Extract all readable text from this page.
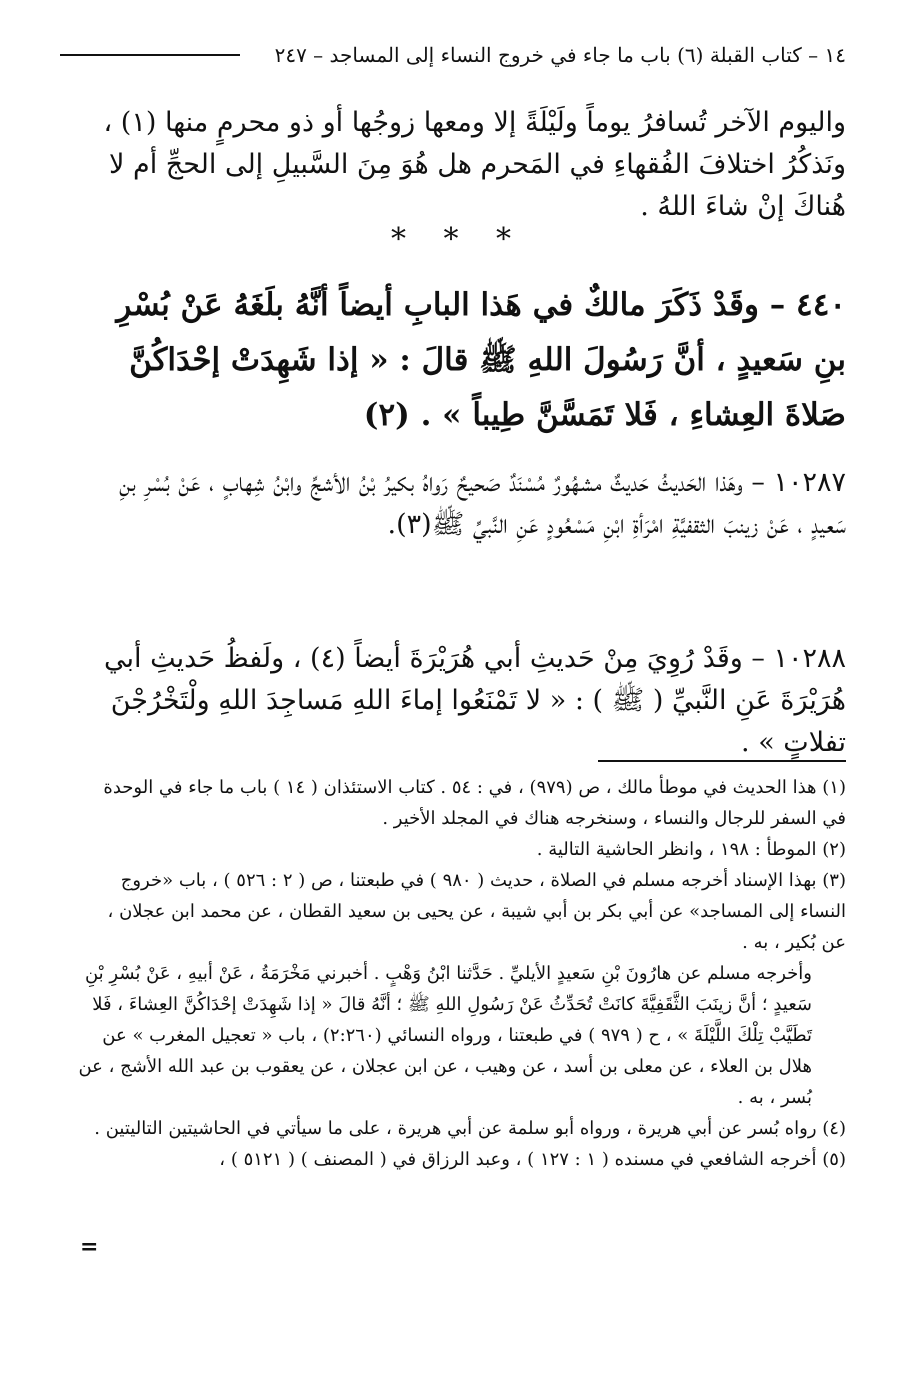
١٤ – كتاب القبلة (٦) باب ما جاء في خروج النساء إلى المساجد – ٢٤٧

واليوم الآخر تُسافرُ يوماً ولَيْلَةً إلا ومعها زوجُها أو ذو محرمٍ منها (١) ، ونَذكُرُ اختلافَ الفُقهاءِ في المَحرم هل هُوَ مِنَ السَّبيلِ إلى الحجِّ أم لا هُناكَ إنْ شاءَ اللهُ .

* * *

٤٤٠ – وقَدْ ذَكَرَ مالكٌ في هَذا البابِ أيضاً أنَّهُ بلَغَهُ عَنْ بُسْرِ بنِ سَعيدٍ ، أنَّ رَسُولَ اللهِ ﷺ قالَ : « إذا شَهِدَتْ إحْدَاكُنَّ صَلاةَ العِشاءِ ، فَلا تَمَسَّنَّ طِيباً » . (٢)

١٠٢٨٧ – وهَذا الحَديثُ حَديثٌ مشهُورٌ مُسْنَدٌ صَحيحٌ رَواهُ بكيرُ بْنُ الأشجِّ وابْنُ شِهابٍ ، عَنْ بُسْرِ بنِ سَعيدٍ ، عَنْ زينبَ الثقفيَّةِ امْرَأةِ ابْنِ مَسْعُودٍ عَنِ النَّبيِّ ﷺ(٣).

١٠٢٨٨ – وقَدْ رُوِيَ مِنْ حَديثِ أبي هُرَيْرَةَ أيضاً (٤) ، ولَفظُ حَديثِ أبي هُرَيْرَةَ عَنِ النَّبيِّ ( ﷺ ) : « لا تَمْنَعُوا إماءَ اللهِ مَساجِدَ اللهِ ولْتَخْرُجْنَ تفلاتٍ » .

(١) هذا الحديث في موطأ مالك ، ص (٩٧٩) ، في : ٥٤ . كتاب الاستئذان ( ١٤ ) باب ما جاء في الوحدة في السفر للرجال والنساء ، وسنخرجه هناك في المجلد الأخير .
(٢) الموطأ : ١٩٨ ، وانظر الحاشية التالية .

(٣) بهذا الإسناد أخرجه مسلم في الصلاة ، حديث ( ٩٨٠ ) في طبعتنا ، ص ( ٢ : ٥٢٦ ) ، باب «خروج النساء إلى المساجد» عن أبي بكر بن أبي شيبة ، عن يحيى بن سعيد القطان ، عن محمد ابن عجلان ، عن بُكير ، به .

وأخرجه مسلم عن هارُونَ بْنِ سَعيدٍ الأيليِّ . حَدَّثنا ابْنُ وَهْبٍ . أخبرني مَخْرَمَةُ ، عَنْ أبيهِ ، عَنْ بُسْرِ بْنِ سَعيدٍ ؛ أنَّ زينَبَ الثَّقَفِيَّةَ كانَتْ تُحَدِّثُ عَنْ رَسُولِ اللهِ ﷺ ؛ أنَّهُ قالَ « إذا شَهِدَتْ إحْدَاكُنَّ العِشاءَ ، فَلا تَطَيَّبْ تِلْكَ اللَّيْلَةَ » ، ح ( ٩٧٩ ) في طبعتنا ، ورواه النسائي (٢:٢٦٠) ، باب « تعجيل المغرب » عن هلال بن العلاء ، عن معلى بن أسد ، عن وهيب ، عن ابن عجلان ، عن يعقوب بن عبد الله الأشج ، عن بُسر ، به .

(٤) رواه بُسر عن أبي هريرة ، ورواه أبو سلمة عن أبي هريرة ، على ما سيأتي في الحاشيتين التاليتين .
(٥) أخرجه الشافعي في مسنده ( ١ : ١٢٧ ) ، وعبد الرزاق في ( المصنف ) ( ٥١٢١ ) ،
=
